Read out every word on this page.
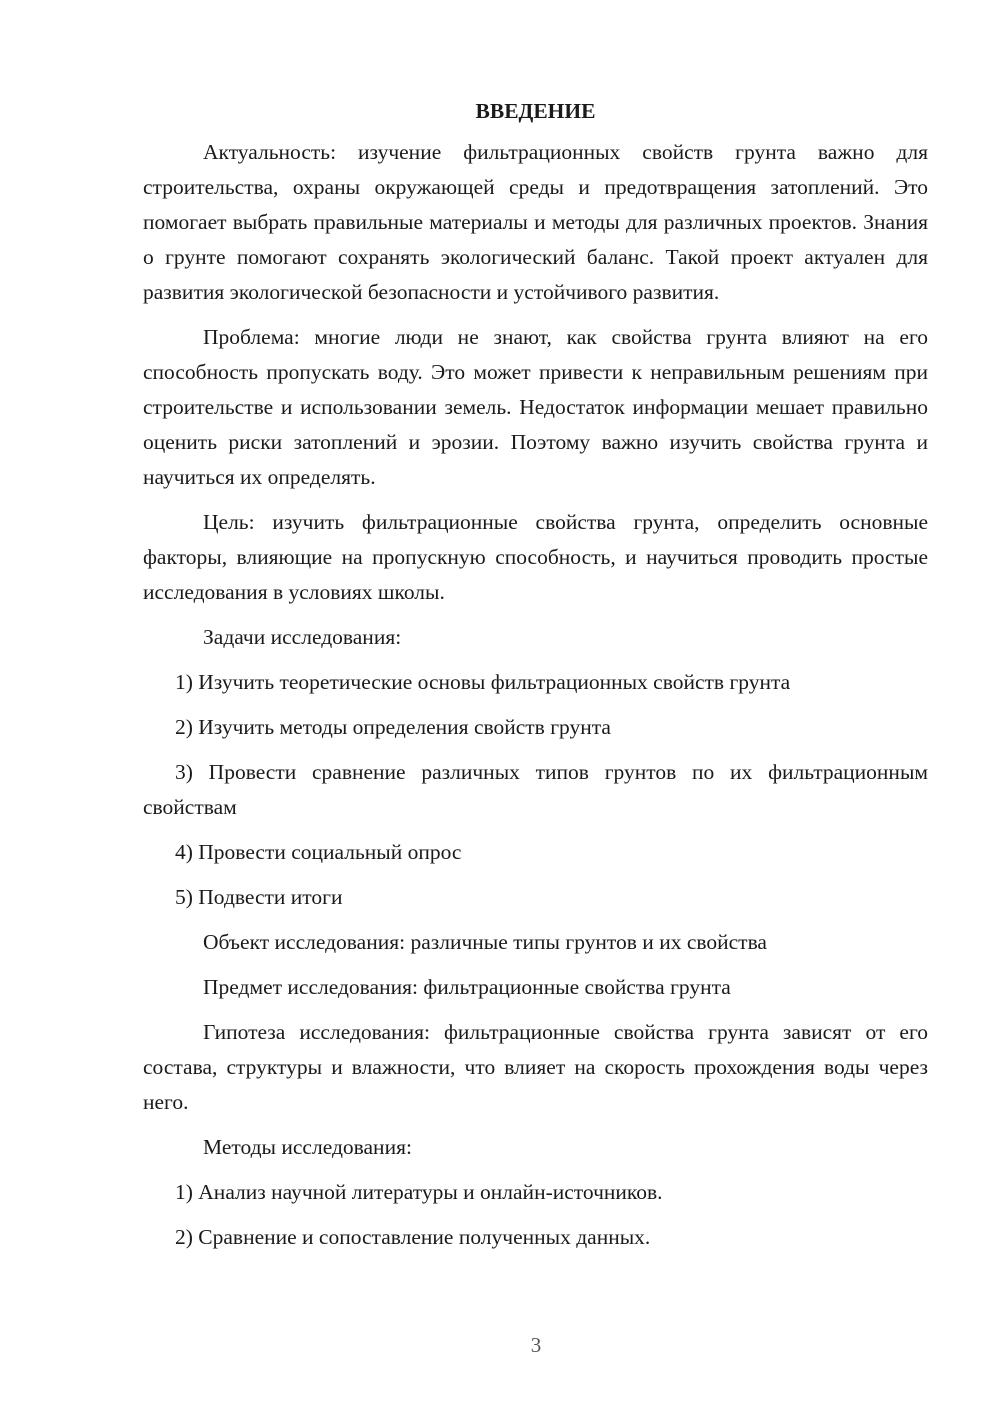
ВВЕДЕНИЕ

Актуальность: изучение фильтрационных свойств грунта важно для строительства, охраны окружающей среды и предотвращения затоплений. Это помогает выбрать правильные материалы и методы для различных проектов. Знания о грунте помогают сохранять экологический баланс. Такой проект актуален для развития экологической безопасности и устойчивого развития.

Проблема: многие люди не знают, как свойства грунта влияют на его способность пропускать воду. Это может привести к неправильным решениям при строительстве и использовании земель. Недостаток информации мешает правильно оценить риски затоплений и эрозии. Поэтому важно изучить свойства грунта и научиться их определять.

Цель: изучить фильтрационные свойства грунта, определить основные факторы, влияющие на пропускную способность, и научиться проводить простые исследования в условиях школы.

Задачи исследования:

1) Изучить теоретические основы фильтрационных свойств грунта

2) Изучить методы определения свойств грунта

3) Провести сравнение различных типов грунтов по их фильтрационным свойствам

4) Провести социальный опрос

5) Подвести итоги

Объект исследования: различные типы грунтов и их свойства

Предмет исследования: фильтрационные свойства грунта

Гипотеза исследования: фильтрационные свойства грунта зависят от его состава, структуры и влажности, что влияет на скорость прохождения воды через него.

Методы исследования:

1) Анализ научной литературы и онлайн-источников.

2) Сравнение и сопоставление полученных данных.

3
